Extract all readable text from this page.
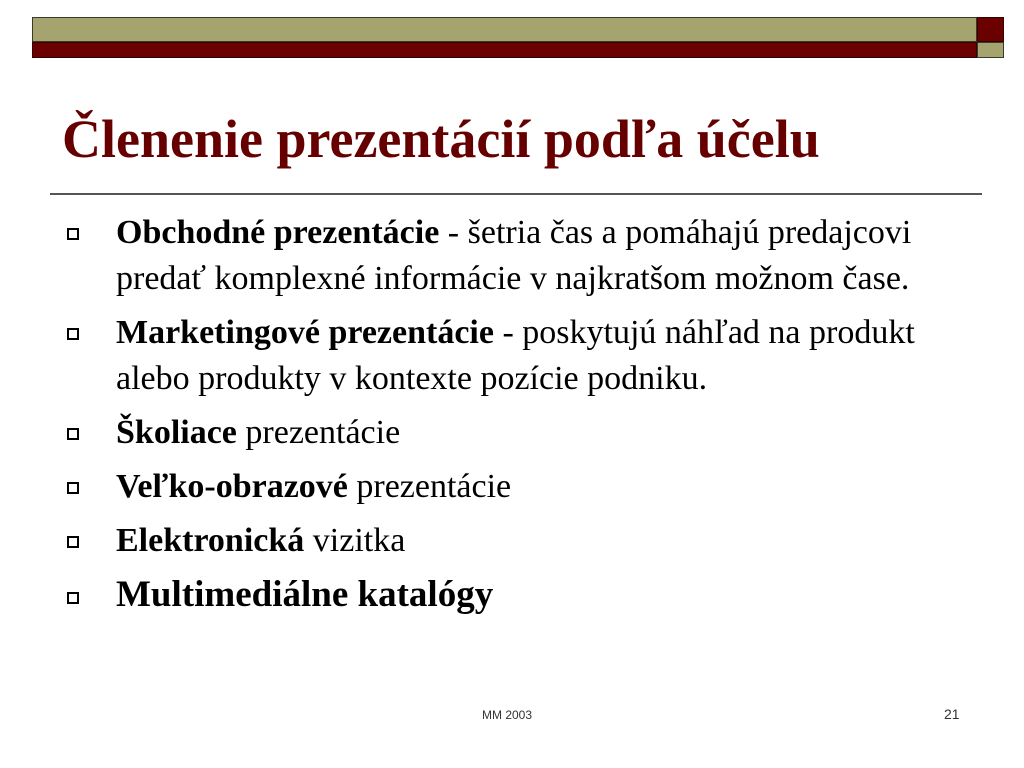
Členenie prezentácií podľa účelu
Obchodné prezentácie - šetria čas a pomáhajú predajcovi predať komplexné informácie v najkratšom možnom čase.
Marketingové prezentácie - poskytujú náhľad na produkt alebo produkty v kontexte pozície podniku.
Školiace prezentácie
Veľko-obrazové prezentácie
Elektronická vizitka
Multimediálne katalógy
MM 2003	21
